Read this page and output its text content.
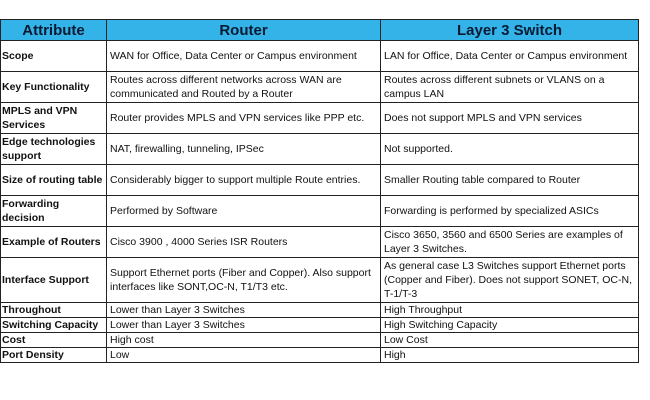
Attribute	Router	Layer 3 Switch
Scope	WAN for Office, Data Center or Campus environment	LAN for Office, Data Center or Campus environment
Key Functionality	Routes across different networks across WAN are communicated and Routed by a Router	Routes across different subnets or VLANS on a campus LAN
MPLS and VPN Services	Router provides MPLS and VPN services like PPP etc.	Does not support MPLS and VPN services
Edge technologies support	NAT, firewalling, tunneling, IPSec	Not supported.
Size of routing table	Considerably bigger to support multiple Route entries.	Smaller Routing table compared to Router
Forwarding decision	Performed by Software	Forwarding is performed by specialized ASICs
Example of Routers	Cisco 3900 , 4000 Series ISR Routers	Cisco 3650, 3560 and 6500 Series are examples of Layer 3 Switches.
Interface Support	Support Ethernet ports (Fiber and Copper). Also support interfaces like SONT,OC-N, T1/T3 etc.	As general case L3 Switches support Ethernet ports (Copper and Fiber). Does not support SONET, OC-N, T-1/T-3
Throughout	Lower than Layer 3 Switches	High Throughput
Switching Capacity	Lower than Layer 3 Switches	High Switching Capacity
Cost	High cost	Low Cost
Port Density	Low	High
